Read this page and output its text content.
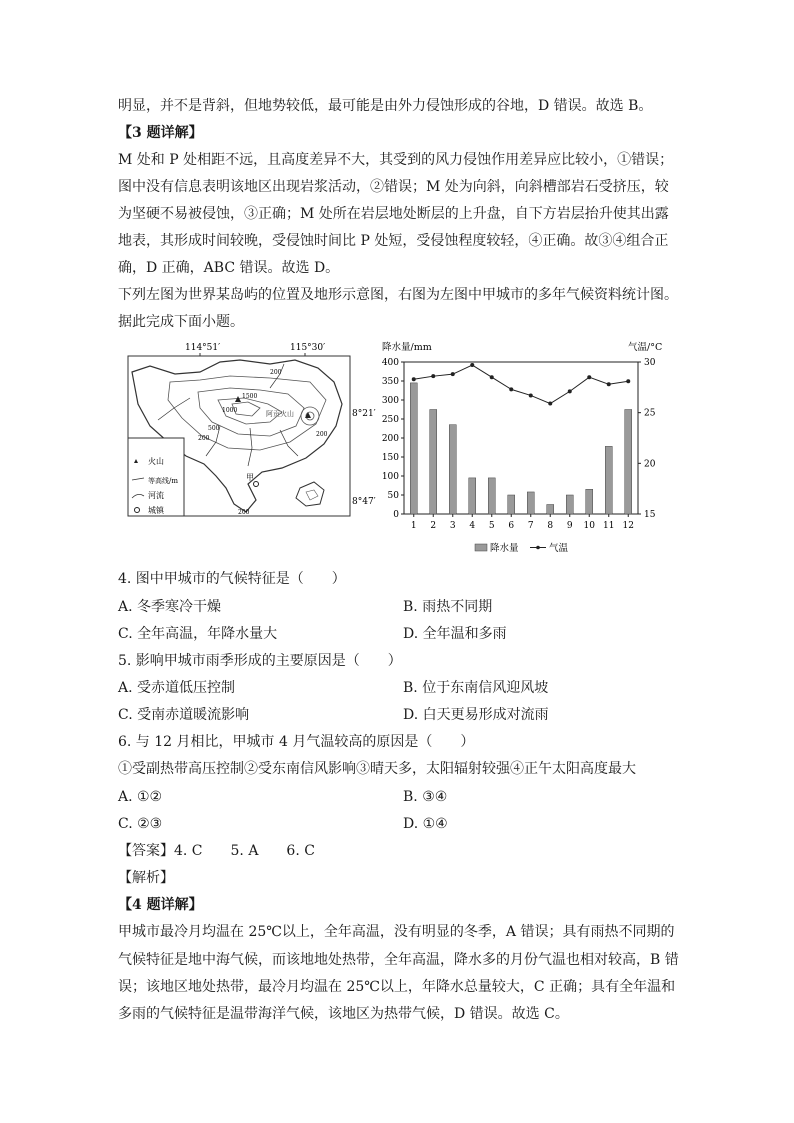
明显，并不是背斜，但地势较低，最可能是由外力侵蚀形成的谷地，D 错误。故选 B。
【3 题详解】
M 处和 P 处相距不远，且高度差异不大，其受到的风力侵蚀作用差异应比较小，①错误；
图中没有信息表明该地区出现岩浆活动，②错误；M 处为向斜，向斜槽部岩石受挤压，较
为坚硬不易被侵蚀，③正确；M 处所在岩层地处断层的上升盘，自下方岩层抬升使其出露
地表，其形成时间较晚，受侵蚀时间比 P 处短，受侵蚀程度较轻，④正确。故③④组合正
确，D 正确，ABC 错误。故选 D。
下列左图为世界某岛屿的位置及地形示意图，右图为左图中甲城市的多年气候资料统计图。
据此完成下面小题。
114°51′	115°30′
8°21′
8°47′
1500
1000
500
200
200
200
200
阿贡火山
甲
火山
等高线/m
河流
城镇
降水量/mm	气温/°C
0
50
100
150
200
250
300
350
400
15
20
25
30
1 2 3 4 5 6 7 8 9 10 11 12
降水量	气温
4. 图中甲城市的气候特征是（　　）
A. 冬季寒冷干燥	B. 雨热不同期
C. 全年高温，年降水量大	D. 全年温和多雨
5. 影响甲城市雨季形成的主要原因是（　　）
A. 受赤道低压控制	B. 位于东南信风迎风坡
C. 受南赤道暖流影响	D. 白天更易形成对流雨
6. 与 12 月相比，甲城市 4 月气温较高的原因是（　　）
①受副热带高压控制②受东南信风影响③晴天多，太阳辐射较强④正午太阳高度最大
A. ①②	B. ③④
C. ②③	D. ①④
【答案】4. C　　5. A　　6. C
【解析】
【4 题详解】
甲城市最冷月均温在 25℃以上，全年高温，没有明显的冬季，A 错误；具有雨热不同期的
气候特征是地中海气候，而该地地处热带，全年高温，降水多的月份气温也相对较高，B 错
误；该地区地处热带，最冷月均温在 25℃以上，年降水总量较大，C 正确；具有全年温和
多雨的气候特征是温带海洋气候，该地区为热带气候，D 错误。故选 C。
